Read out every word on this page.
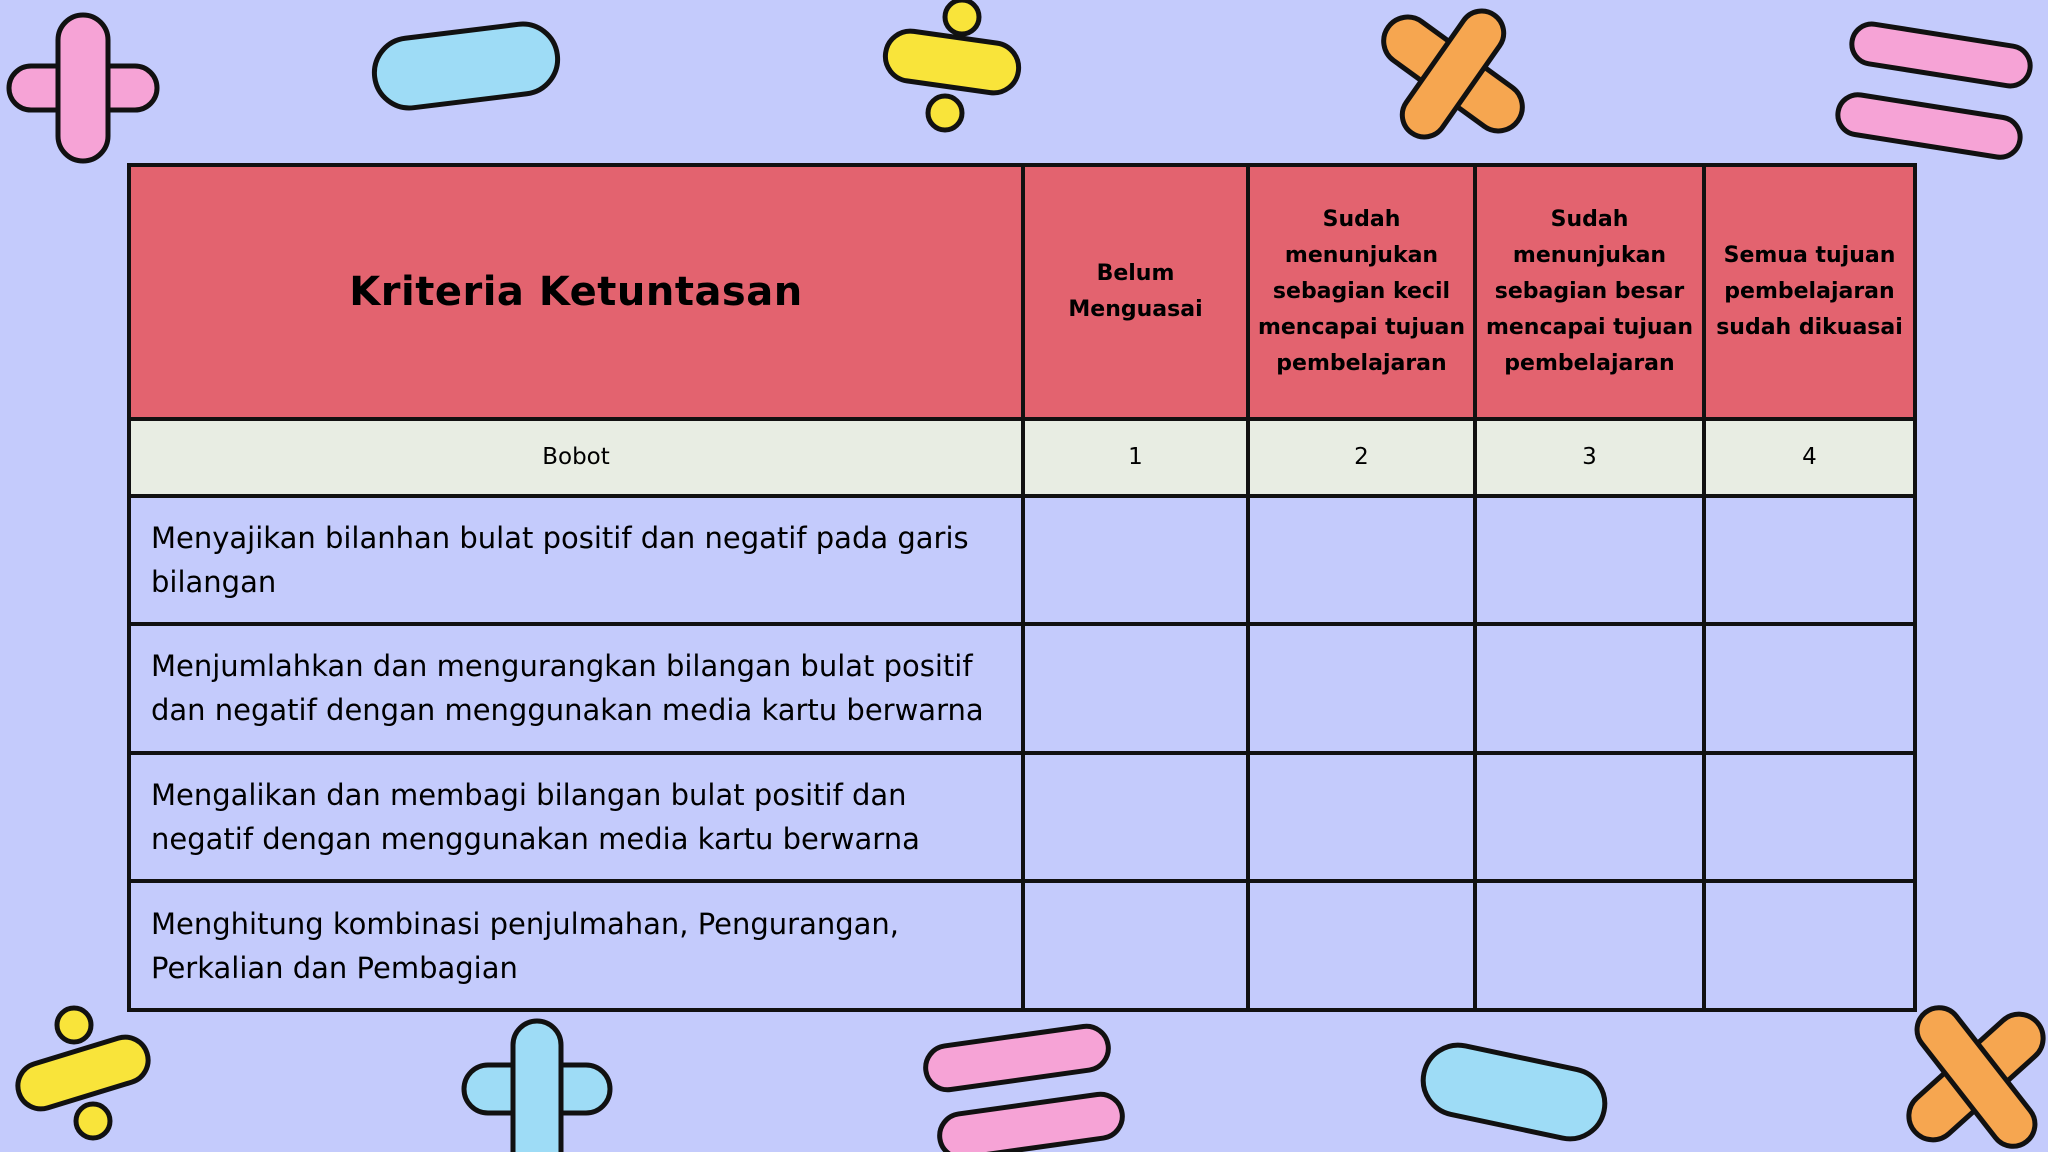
Kriteria Ketuntasan	Belum Menguasai	Sudah menunjukan sebagian kecil mencapai tujuan pembelajaran	Sudah menunjukan sebagian besar mencapai tujuan pembelajaran	Semua tujuan pembelajaran sudah dikuasai
Bobot	1	2	3	4
Menyajikan bilanhan bulat positif dan negatif pada garis bilangan				
Menjumlahkan dan mengurangkan bilangan bulat positif dan negatif dengan menggunakan media kartu berwarna				
Mengalikan dan membagi bilangan bulat positif dan negatif dengan menggunakan media kartu berwarna				
Menghitung kombinasi penjulmahan, Pengurangan, Perkalian dan Pembagian				
